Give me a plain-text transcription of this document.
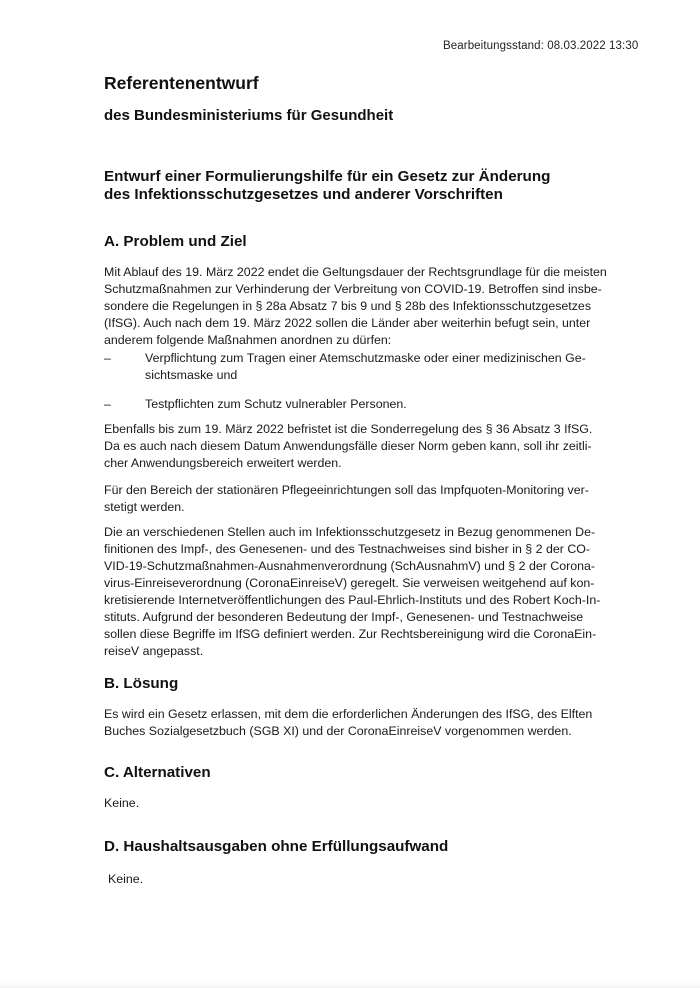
Bearbeitungsstand: 08.03.2022 13:30
Referentenentwurf
des Bundesministeriums für Gesundheit
Entwurf einer Formulierungshilfe für ein Gesetz zur Änderung
des Infektionsschutzgesetzes und anderer Vorschriften
A. Problem und Ziel

Mit Ablauf des 19. März 2022 endet die Geltungsdauer der Rechtsgrundlage für die meisten
Schutzmaßnahmen zur Verhinderung der Verbreitung von COVID-19. Betroffen sind insbe-
sondere die Regelungen in § 28a Absatz 7 bis 9 und § 28b des Infektionsschutzgesetzes
(IfSG). Auch nach dem 19. März 2022 sollen die Länder aber weiterhin befugt sein, unter
anderem folgende Maßnahmen anordnen zu dürfen:

–	Verpflichtung zum Tragen einer Atemschutzmaske oder einer medizinischen Ge-
sichtsmaske und
–	Testpflichten zum Schutz vulnerabler Personen.

Ebenfalls bis zum 19. März 2022 befristet ist die Sonderregelung des § 36 Absatz 3 IfSG.
Da es auch nach diesem Datum Anwendungsfälle dieser Norm geben kann, soll ihr zeitli-
cher Anwendungsbereich erweitert werden.

Für den Bereich der stationären Pflegeeinrichtungen soll das Impfquoten-Monitoring ver-
stetigt werden.

Die an verschiedenen Stellen auch im Infektionsschutzgesetz in Bezug genommenen De-
finitionen des Impf-, des Genesenen- und des Testnachweises sind bisher in § 2 der CO-
VID-19-Schutzmaßnahmen-Ausnahmenverordnung (SchAusnahmV) und § 2 der Corona-
virus-Einreiseverordnung (CoronaEinreiseV) geregelt. Sie verweisen weitgehend auf kon-
kretisierende Internetveröffentlichungen des Paul-Ehrlich-Instituts und des Robert Koch-In-
stituts. Aufgrund der besonderen Bedeutung der Impf-, Genesenen- und Testnachweise
sollen diese Begriffe im IfSG definiert werden. Zur Rechtsbereinigung wird die CoronaEin-
reiseV angepasst.

B. Lösung

Es wird ein Gesetz erlassen, mit dem die erforderlichen Änderungen des IfSG, des Elften
Buches Sozialgesetzbuch (SGB XI) und der CoronaEinreiseV vorgenommen werden.

C. Alternativen

Keine.

D. Haushaltsausgaben ohne Erfüllungsaufwand

Keine.
